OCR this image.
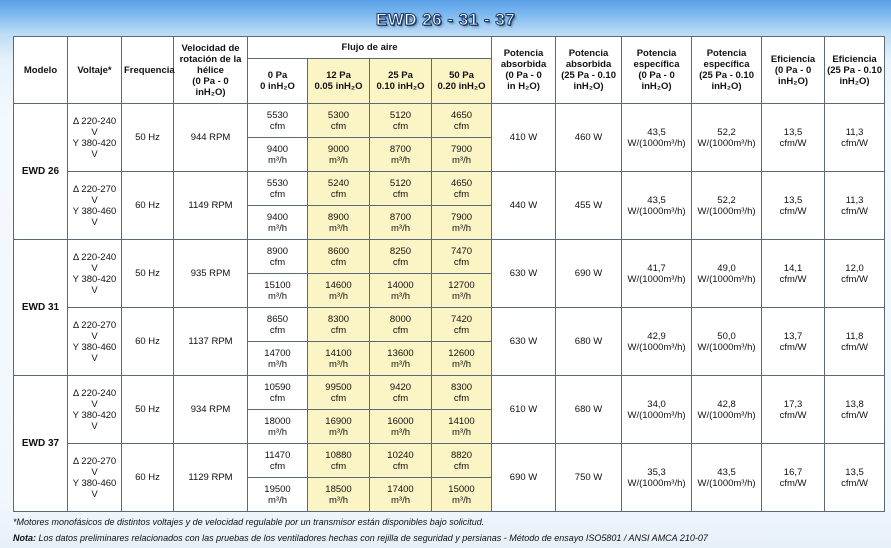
EWD 26 - 31 - 37
Modelo	Voltaje*	Frequencia	Velocidad de
rotación de la
hélice
(0 Pa - 0 inH₂O)	Flujo de aire				Potencia
absorbida
(0 Pa - 0
in H₂O)	Potencia
absorbida
(25 Pa - 0.10
inH₂O)	Potencia
específica
(0 Pa - 0
inH₂O)	Potencia
específica
(25 Pa - 0.10
inH₂O)	Eficiencia
(0 Pa - 0
inH₂O)	Eficiencia
(25 Pa - 0.10
inH₂O)

				0 Pa
0 inH₂O	12 Pa
0.05 inH₂O	25 Pa
0.10 inH₂O	50 Pa
0.20 inH₂O						

EWD 26	Δ 220-240 V
Y 380-420 V	50 Hz	944 RPM	5530
cfm	5300
cfm	5120
cfm	4650
cfm	410 W	460 W	43,5
W/(1000m³/h)	52,2
W/(1000m³/h)	13,5
cfm/W	11,3
cfm/W

				9400
m³/h	9000
m³/h	8700
m³/h	7900
m³/h						

	Δ 220-270 V
Y 380-460 V	60 Hz	1149 RPM	5530
cfm	5240
cfm	5120
cfm	4650
cfm	440 W	455 W	43,5
W/(1000m³/h)	52,2
W/(1000m³/h)	13,5
cfm/W	11,3
cfm/W

				9400
m³/h	8900
m³/h	8700
m³/h	7900
m³/h						

EWD 31	Δ 220-240 V
Y 380-420 V	50 Hz	935 RPM	8900
cfm	8600
cfm	8250
cfm	7470
cfm	630 W	690 W	41,7
W/(1000m³/h)	49,0
W/(1000m³/h)	14,1
cfm/W	12,0
cfm/W

				15100
m³/h	14600
m³/h	14000
m³/h	12700
m³/h						

	Δ 220-270 V
Y 380-460 V	60 Hz	1137 RPM	8650
cfm	8300
cfm	8000
cfm	7420
cfm	630 W	680 W	42,9
W/(1000m³/h)	50,0
W/(1000m³/h)	13,7
cfm/W	11,8
cfm/W

				14700
m³/h	14100
m³/h	13600
m³/h	12600
m³/h						

EWD 37	Δ 220-240 V
Y 380-420 V	50 Hz	934 RPM	10590
cfm	99500
cfm	9420
cfm	8300
cfm	610 W	680 W	34,0
W/(1000m³/h)	42,8
W/(1000m³/h)	17,3
cfm/W	13,8
cfm/W

				18000
m³/h	16900
m³/h	16000
m³/h	14100
m³/h						

	Δ 220-270 V
Y 380-460 V	60 Hz	1129 RPM	11470
cfm	10880
cfm	10240
cfm	8820
cfm	690 W	750 W	35,3
W/(1000m³/h)	43,5
W/(1000m³/h)	16,7
cfm/W	13,5
cfm/W

				19500
m³/h	18500
m³/h	17400
m³/h	15000
m³/h						
*Motores monofásicos de distintos voltajes y de velocidad regulable por un transmisor están disponibles bajo solicitud.
Nota: Los datos preliminares relacionados con las pruebas de los ventiladores hechas con rejilla de seguridad y persianas - Método de ensayo ISO5801 / ANSI AMCA 210-07
